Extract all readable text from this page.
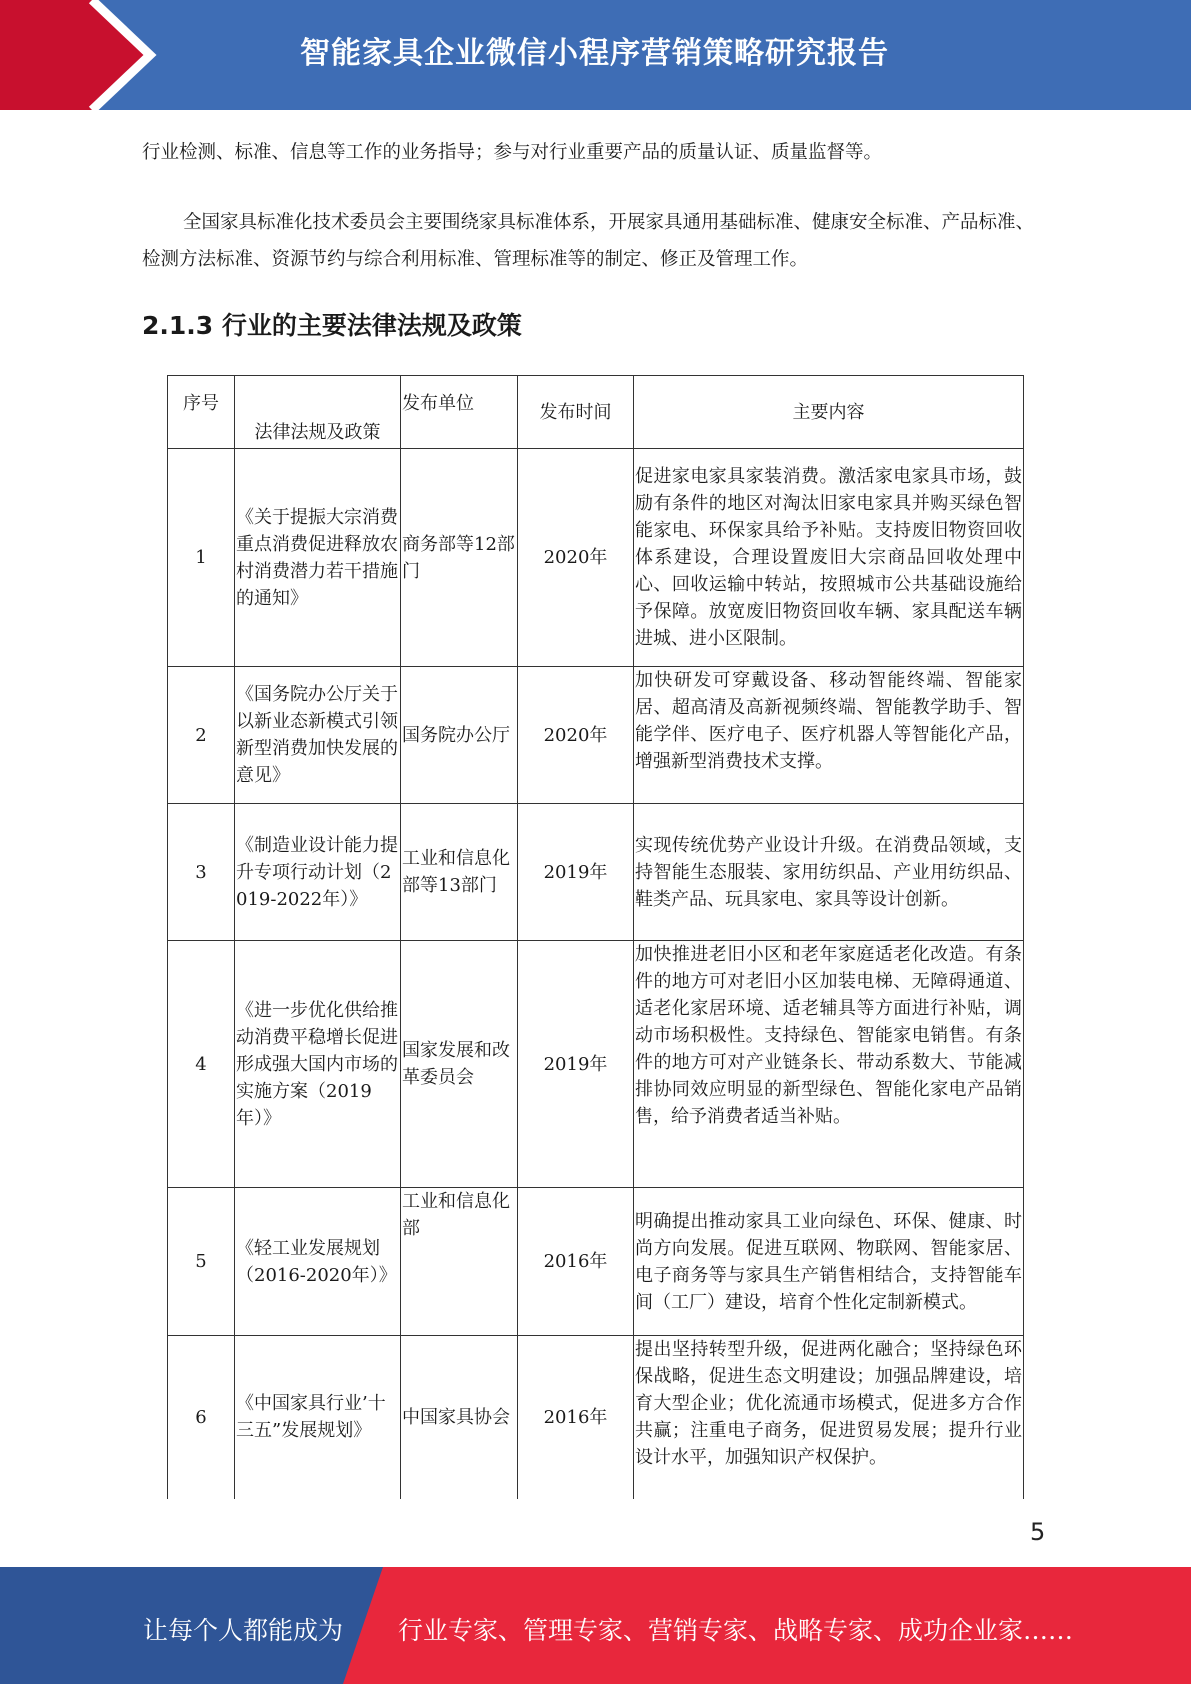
智能家具企业微信小程序营销策略研究报告

行业检测、标准、信息等工作的业务指导；参与对行业重要产品的质量认证、质量监督等。

全国家具标准化技术委员会主要围绕家具标准体系，开展家具通用基础标准、健康安全标准、产品标准、检测方法标准、资源节约与综合利用标准、管理标准等的制定、修正及管理工作。

2.1.3 行业的主要法律法规及政策
序号	法律法规及政策	发布单位	发布时间	主要内容
1	《关于提振大宗消费重点消费促进释放农村消费潜力若干措施的通知》	商务部等12部门	2020年	促进家电家具家装消费。激活家电家具市场，鼓励有条件的地区对淘汰旧家电家具并购买绿色智能家电、环保家具给予补贴。支持废旧物资回收体系建设，合理设置废旧大宗商品回收处理中心、回收运输中转站，按照城市公共基础设施给予保障。放宽废旧物资回收车辆、家具配送车辆进城、进小区限制。
2	《国务院办公厅关于以新业态新模式引领新型消费加快发展的意见》	国务院办公厅	2020年	加快研发可穿戴设备、移动智能终端、智能家居、超高清及高新视频终端、智能教学助手、智能学伴、医疗电子、医疗机器人等智能化产品，增强新型消费技术支撑。
3	《制造业设计能力提升专项行动计划（2019-2022年）》	工业和信息化部等13部门	2019年	实现传统优势产业设计升级。在消费品领域，支持智能生态服装、家用纺织品、产业用纺织品、鞋类产品、玩具家电、家具等设计创新。
4	《进一步优化供给推动消费平稳增长促进形成强大国内市场的实施方案（2019年）》	国家发展和改革委员会	2019年	加快推进老旧小区和老年家庭适老化改造。有条件的地方可对老旧小区加装电梯、无障碍通道、适老化家居环境、适老辅具等方面进行补贴，调动市场积极性。支持绿色、智能家电销售。有条件的地方可对产业链条长、带动系数大、节能减排协同效应明显的新型绿色、智能化家电产品销售，给予消费者适当补贴。
5	《轻工业发展规划（2016-2020年）》	工业和信息化部	2016年	明确提出推动家具工业向绿色、环保、健康、时尚方向发展。促进互联网、物联网、智能家居、电子商务等与家具生产销售相结合，支持智能车间（工厂）建设，培育个性化定制新模式。
6	《中国家具行业’十三五”发展规划》	中国家具协会	2016年	提出坚持转型升级，促进两化融合；坚持绿色环保战略，促进生态文明建设；加强品牌建设，培育大型企业；优化流通市场模式，促进多方合作共赢；注重电子商务，促进贸易发展；提升行业设计水平，加强知识产权保护。
5
让每个人都能成为 行业专家、管理专家、营销专家、战略专家、成功企业家……
